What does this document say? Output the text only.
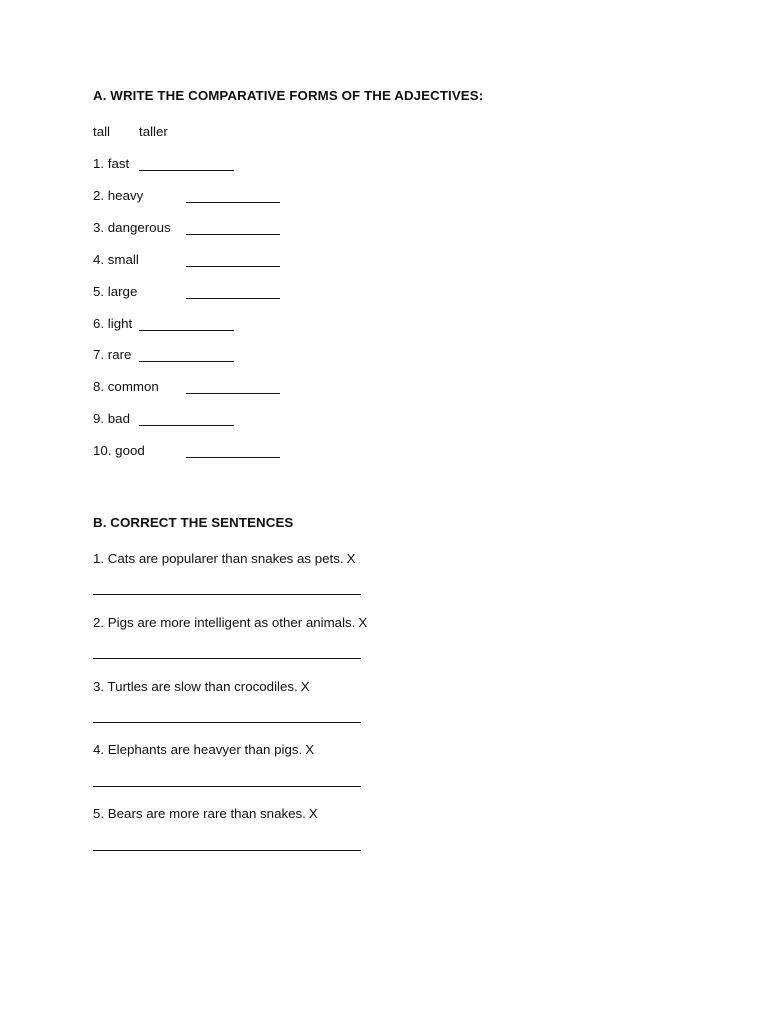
A. WRITE THE COMPARATIVE FORMS OF THE ADJECTIVES:
tall taller
1. fast
2. heavy
3. dangerous
4. small
5. large
6. light
7. rare
8. common
9. bad
10. good
B. CORRECT THE SENTENCES
1. Cats are popularer than snakes as pets. X
2. Pigs are more intelligent as other animals. X
3. Turtles are slow than crocodiles. X
4. Elephants are heavyer than pigs. X
5. Bears are more rare than snakes. X
